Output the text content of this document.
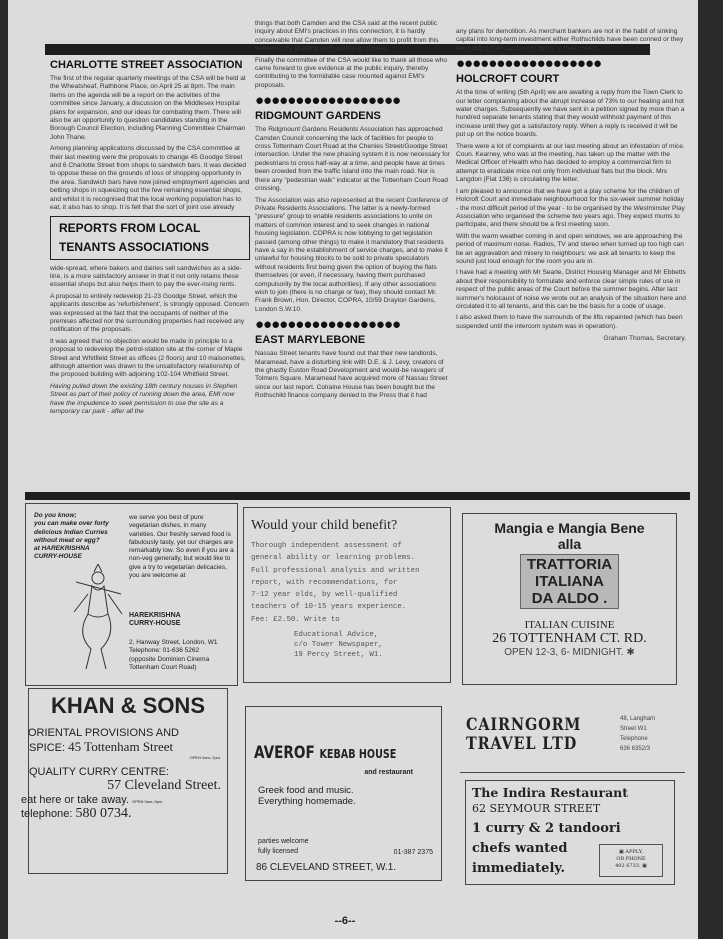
CHARLOTTE STREET ASSOCIATION

The first of the regular quarterly meetings of the CSA will be held at the Wheatsheaf, Rathbone Place, on April 25 at 8pm. The main items on the agenda will be a report on the activities of the committee since January, a discussion on the Middlesex Hospital plans for expansion, and our ideas for combating them. There will also be an opportunity to question candidates standing in the Borough Council Election, including Planning Committee Chairman John Thane.

Among planning applications discussed by the CSA committee at their last meeting were the proposals to change 45 Goodge Street and 6 Charlotte Street from shops to sandwich bars. It was decided to oppose these on the grounds of loss of shopping opportunity in the area. Sandwich bars have now joined employment agencies and betting shops in squeezing out the few remaining essential shops, and whilst it is recognised that the local working population has to eat, it also has to shop. It is felt that the sort of joint use already

REPORTS FROM LOCAL
TENANTS ASSOCIATIONS

wide-spread, where bakers and dairies sell sandwiches as a side-line, is a more satisfactory answer in that it not only retains these essential shops but also helps them to pay the ever-rising rents.

A proposal to entirely redevelop 21-23 Goodge Street, which the applicants describe as 'refurbishment', is strongly opposed. Concern was expressed at the fact that the occupants of neither of the premises affected nor the surrounding properties had received any notification of the proposals.

It was agreed that no objection would be made in principle to a proposal to redevelop the petrol-station site at the corner of Maple Street and Whitfield Street as offices (2 floors) and 10 maisonettes, although attention was drawn to the unsatisfactory relationship of the proposed building with adjoining 102-104 Whitfield Street.

Having pulled down the existing 18th century houses in Stephen Street as part of their policy of running down the area, EMI now have the impudence to seek permission to use the site as a temporary car park - after all the

things that both Camden and the CSA said at the recent public inquiry about EMI's practices in this connection, it is hardly conceivable that Camden will now allow them to profit from this behaviour by granting them planning consent.

Finally the committee of the CSA would like to thank all those who came forward to give evidence at the public inquiry, thereby contributing to the formidable case mounted against EMI's proposals.

●●●●●●●●●●●●●●●●●●
RIDGMOUNT GARDENS

The Ridgmount Gardens Residents Association has approached Camden Council concerning the lack of facilities for people to cross Tottenham Court Road at the Chenies Street/Goodge Street intersection. Under the new phasing system it is now necessary for pedestrians to cross half-way at a time, and people have at times been crowded from the traffic island into the main road. Nor is there any "pedestrian walk" indicator at the Tottenham Court Road crossing.

The Association was also represented at the recent Conference of Private Residents Associations. The latter is a newly-formed "pressure" group to enable residents associations to unite on matters of common interest and to seek changes in national housing legislation. COPRA is now lobbying to get legislation passed (among other things) to make it mandatory that residents have a say in the establishment of service charges, and to make it unlawful for housing blocks to be sold to private speculators without residents first being given the option of buying the flats themselves (or even, if necessary, having them purchased compulsorily by the local authorities). If any other associations wish to join (there is no charge or fee), they should contact Mr. Frank Brown, Hon. Director, COPRA, 10/59 Drayton Gardens, London S.W.10.

●●●●●●●●●●●●●●●●●●
EAST MARYLEBONE

Nassau Street tenants have found out that their new landlords, Maramead, have a disturbing link with D.E. & J. Levy, creators of the ghastly Euston Road Development and would-be ravagers of Tolmers Square. Maramead have acquired more of Nassau Street since our last report. Colraine House has been bought but the Rothschild finance company denied to the Press that it had

any plans for demolition. As merchant bankers are not in the habit of sinking capital into long-term investment either Rothschilds have been conned or they are holding their cards very tightly to their chests.

●●●●●●●●●●●●●●●●●●
HOLCROFT COURT

At the time of writing (5th April) we are awaiting a reply from the Town Clerk to our letter complaining about the abrupt increase of 73% to our heating and hot water charges. Subsequently we have sent in a petition signed by more than a hundred separate tenants stating that they would withhold payment of this increase until they got a satisfactory reply. When a reply is received it will be put up on the notice boards.

There were a lot of complaints at our last meeting about an infestation of mice. Coun. Kearney, who was at the meeting, has taken up the matter with the Medical Officer of Health who has decided to employ a commercial firm to attempt to eradicate mice not only from individual flats but the block. Mrs Langdon (Flat 136) is circulating the letter.

I am pleased to announce that we have got a play scheme for the children of Holcroft Court and immediate neighbourhood for the six-week summer holiday - the most difficult period of the year - to be organised by the Westminster Play Association who organised the scheme two years ago. They expect mums to participate, and there should be a first meeting soon.

With the warm weather coming in and open windows, we are approaching the period of maximum noise. Radios, TV and stereo when turned up too high can be an aggravation and misery to neighbours: we ask all tenants to keep the sound just loud enough for the room you are in.

I have had a meeting with Mr Searle, District Housing Manager and Mr Ebbetts about their responsibility to formulate and enforce clear simple rules of use in respect of the public areas of the Court before the summer begins. After last summer's holocaust of noise we wrote out an analysis of the situation here and circulated it to all tenants, and this can be the basis for a code of usage.

I also asked them to have the surrounds of the lifts repainted (which has been suspended until the intercom system was in operation).

Graham Thomas, Secretary.
Do you know;
you can make over forty
delicious Indian Curries
without meat or egg?
at HAREKRISHNA
CURRY-HOUSE
we serve you best of pure vegetarian dishes, in many varieties. Our freshly served food is fabulously tasty, yet our charges are remarkably low. So even if you are a non-veg generally, but would like to give a try to vegetarian delicacies, you are welcome at
HAREKRISHNA
CURRY-HOUSE
2, Hanway Street, London, W1
Telephone: 01-636 5262
(opposite Dominion Cinema
Tottenham Court Road)
Would your child benefit?
Thorough independent assessment of
general ability or learning problems.
Full professional analysis and written
report, with recommendations, for
7-12 year olds, by well-qualified
teachers of 10-15 years experience.
Fee: £2.50. Write to
Educational Advice,
c/o Tower Newspaper,
19 Percy Street, W1.
Mangia e Mangia Bene
alla
TRATTORIA
ITALIANA
DA ALDO .
ITALIAN CUISINE
26 TOTTENHAM CT. RD.
OPEN 12-3, 6- MIDNIGHT. ✱
KHAN & SONS
ORIENTAL PROVISIONS AND
SPICE: 45 Tottenham Street
OPEN 9am–7pm.
QUALITY CURRY CENTRE:
57 Cleveland Street.
eat here or take away. OPEN 9am–9pm.
telephone: 580 0734.
AVEROF KEBAB HOUSE
and restaurant
Greek food and music.
Everything homemade.
parties welcome
fully licensed	01-387 2375
86 CLEVELAND STREET, W.1.
CAIRNGORM
TRAVEL LTD
48, Langham
Street W1
Telephone
636 6352/3
The Indira Restaurant
62 SEYMOUR STREET
1 curry & 2 tandoori
chefs wanted
immediately.
▣ APPLY,
OR PHONE
402 6733. ▣
--6--
